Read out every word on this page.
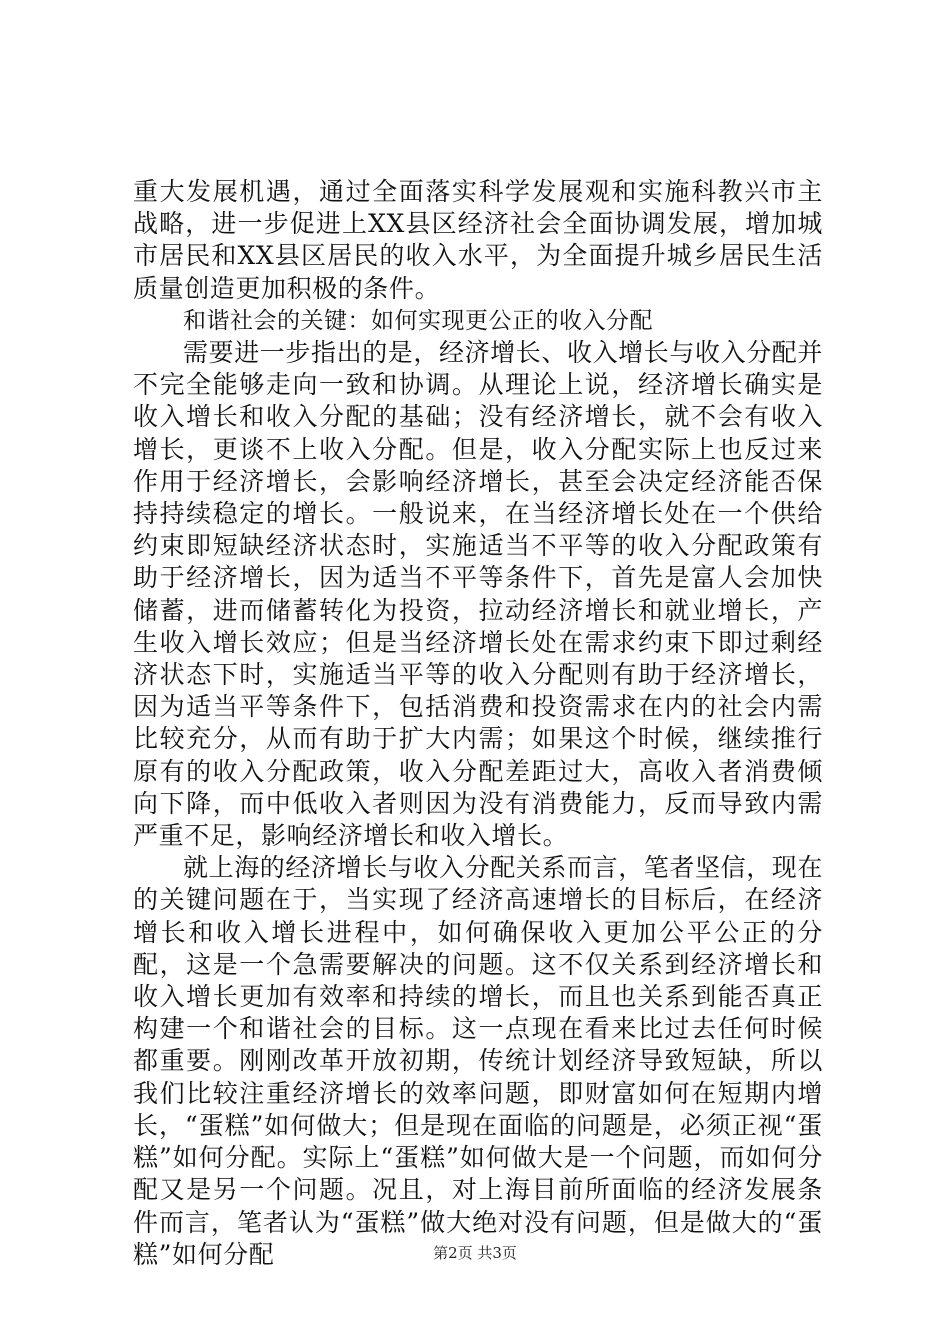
重大发展机遇，通过全面落实科学发展观和实施科教兴市主战略，进一步促进上XX县区经济社会全面协调发展，增加城市居民和XX县区居民的收入水平，为全面提升城乡居民生活质量创造更加积极的条件。

和谐社会的关键：如何实现更公正的收入分配

需要进一步指出的是，经济增长、收入增长与收入分配并不完全能够走向一致和协调。从理论上说，经济增长确实是收入增长和收入分配的基础；没有经济增长，就不会有收入增长，更谈不上收入分配。但是，收入分配实际上也反过来作用于经济增长，会影响经济增长，甚至会决定经济能否保持持续稳定的增长。一般说来，在当经济增长处在一个供给约束即短缺经济状态时，实施适当不平等的收入分配政策有助于经济增长，因为适当不平等条件下，首先是富人会加快储蓄，进而储蓄转化为投资，拉动经济增长和就业增长，产生收入增长效应；但是当经济增长处在需求约束下即过剩经济状态下时，实施适当平等的收入分配则有助于经济增长，因为适当平等条件下，包括消费和投资需求在内的社会内需比较充分，从而有助于扩大内需；如果这个时候，继续推行原有的收入分配政策，收入分配差距过大，高收入者消费倾向下降，而中低收入者则因为没有消费能力，反而导致内需严重不足，影响经济增长和收入增长。

就上海的经济增长与收入分配关系而言，笔者坚信，现在的关键问题在于，当实现了经济高速增长的目标后，在经济增长和收入增长进程中，如何确保收入更加公平公正的分配，这是一个急需要解决的问题。这不仅关系到经济增长和收入增长更加有效率和持续的增长，而且也关系到能否真正构建一个和谐社会的目标。这一点现在看来比过去任何时候都重要。刚刚改革开放初期，传统计划经济导致短缺，所以我们比较注重经济增长的效率问题，即财富如何在短期内增长，“蛋糕”如何做大；但是现在面临的问题是，必须正视“蛋糕”如何分配。实际上“蛋糕”如何做大是一个问题，而如何分配又是另一个问题。况且，对上海目前所面临的经济发展条件而言，笔者认为“蛋糕”做大绝对没有问题，但是做大的“蛋糕”如何分配	第2页 共3页
